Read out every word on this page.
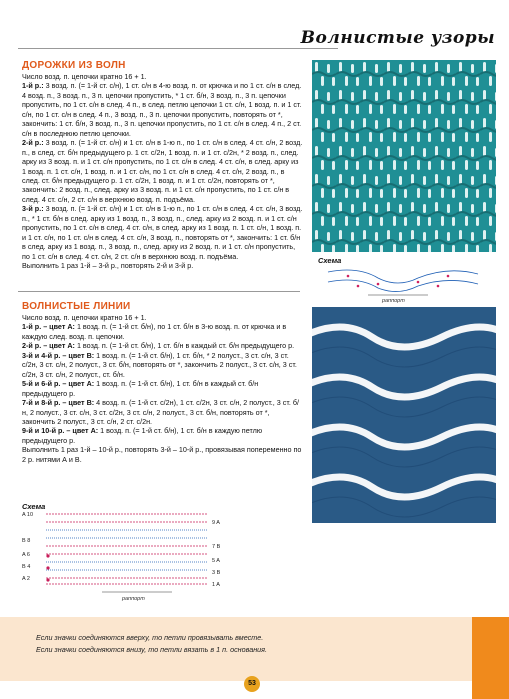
Волнистые узоры
ДОРОЖКИ ИЗ ВОЛН

Число возд. п. цепочки кратно 16 + 1.

1-й р.: 3 возд. п. (= 1-й ст. с/н), 1 ст. с/н в 4-ю возд. п. от крючка и по 1 ст. с/н в след. 4 возд. п., 3 возд. п., 3 п. цепочки пропустить, * 1 ст. б/н, 3 возд. п., 3 п. цепочки пропустить, по 1 ст. с/н в след. 4 п., в след. петлю цепочки 1 ст. с/н, 1 возд. п. и 1 ст. с/н, по 1 ст. с/н в след. 4 п., 3 возд. п., 3 п. цепочки пропустить, повторять от *, закончить: 1 ст. б/н, 3 возд. п., 3 п. цепочки пропустить, по 1 ст. с/н в след. 4 п., 2 ст. с/н в последнюю петлю цепочки.

2-й р.: 3 возд. п. (= 1-й ст. с/н) и 1 ст. с/н в 1-ю п., по 1 ст. с/н в след. 4 ст. с/н, 2 возд. п., в след. ст. б/н предыдущего р. 1 ст. с/2н, 1 возд. п. и 1 ст. с/2н, * 2 возд. п., след. арку из 3 возд. п. и 1 ст. с/н пропустить, по 1 ст. с/н в след. 4 ст. с/н, в след. арку из 1 возд. п. 1 ст. с/н, 1 возд. п. и 1 ст. с/н, по 1 ст. с/н в след. 4 ст. с/н, 2 возд. п., в след. ст. б/н предыдущего р. 1 ст. с/2н, 1 возд. п. и 1 ст. с/2н, повторять от *, закончить: 2 возд. п., след. арку из 3 возд. п. и 1 ст. с/н пропустить, по 1 ст. с/н в след. 4 ст. с/н, 2 ст. с/н в верхнюю возд. п. подъёма.

3-й р.: 3 возд. п. (= 1-й ст. с/н) и 1 ст. с/н в 1-ю п., по 1 ст. с/н в след. 4 ст. с/н, 3 возд. п., * 1 ст. б/н в след. арку из 1 возд. п., 3 возд. п., след. арку из 2 возд. п. и 1 ст. с/н пропустить, по 1 ст. с/н в след. 4 ст. с/н, в след. арку из 1 возд. п. 1 ст. с/н, 1 возд. п. и 1 ст. с/н, по 1 ст. с/н в след. 4 ст. с/н, 3 возд. п., повторять от *, закончить: 1 ст. б/н в след. арку из 1 возд. п., 3 возд. п., след. арку из 2 возд. п. и 1 ст. с/н пропустить, по 1 ст. с/н в след. 4 ст. с/н, 2 ст. с/н в верхнюю возд. п. подъёма.

Выполнить 1 раз 1-й – 3-й р., повторять 2-й и 3-й р.

ВОЛНИСТЫЕ ЛИНИИ

Число возд. п. цепочки кратно 16 + 1.

1-й р. – цвет А: 1 возд. п. (= 1-й ст. б/н), по 1 ст. б/н в 3-ю возд. п. от крючка и в каждую след. возд. п. цепочки.

2-й р. – цвет А: 1 возд. п. (= 1-й ст. б/н), 1 ст. б/н в каждый ст. б/н предыдущего р.

3-й и 4-й р. – цвет В: 1 возд. п. (= 1-й ст. б/н), 1 ст. б/н, * 2 полуст., 3 ст. с/н, 3 ст. с/2н, 3 ст. с/н, 2 полуст., 3 ст. б/н, повторять от *, закончить 2 полуст., 3 ст. с/н, 3 ст. с/2н, 3 ст. с/н, 2 полуст., ст. б/н.

5-й и 6-й р. – цвет А: 1 возд. п. (= 1-й ст. б/н), 1 ст. б/н в каждый ст. б/н предыдущего р.

7-й и 8-й р. – цвет В: 4 возд. п. (= 1-й ст. с/2н), 1 ст. с/2н, 3 ст. с/н, 2 полуст., 3 ст. б/н, 2 полуст., 3 ст. с/н, 3 ст. с/2н, 3 ст. с/н, 2 полуст., 3 ст. б/н, повторять от *, закончить 2 полуст., 3 ст. с/н, 2 ст. с/2н.

9-й и 10-й р. – цвет А: 1 возд. п. (= 1-й ст. б/н), 1 ст. б/н в каждую петлю предыдущего р.

Выполнить 1 раз 1-й – 10-й р., повторять 3-й – 10-й р., провязывая попеременно по 2 р. нитями А и В.

Схема
раппорт
Схема
A 10
B 8
A 6
B 4
A 2
9 A
7 B
5 A
3 B
1 A
раппорт
Если значки соединяются вверху, то петли провязывать вместе.
Если значки соединяются внизу, то петли вязать в 1 п. основания.
53
